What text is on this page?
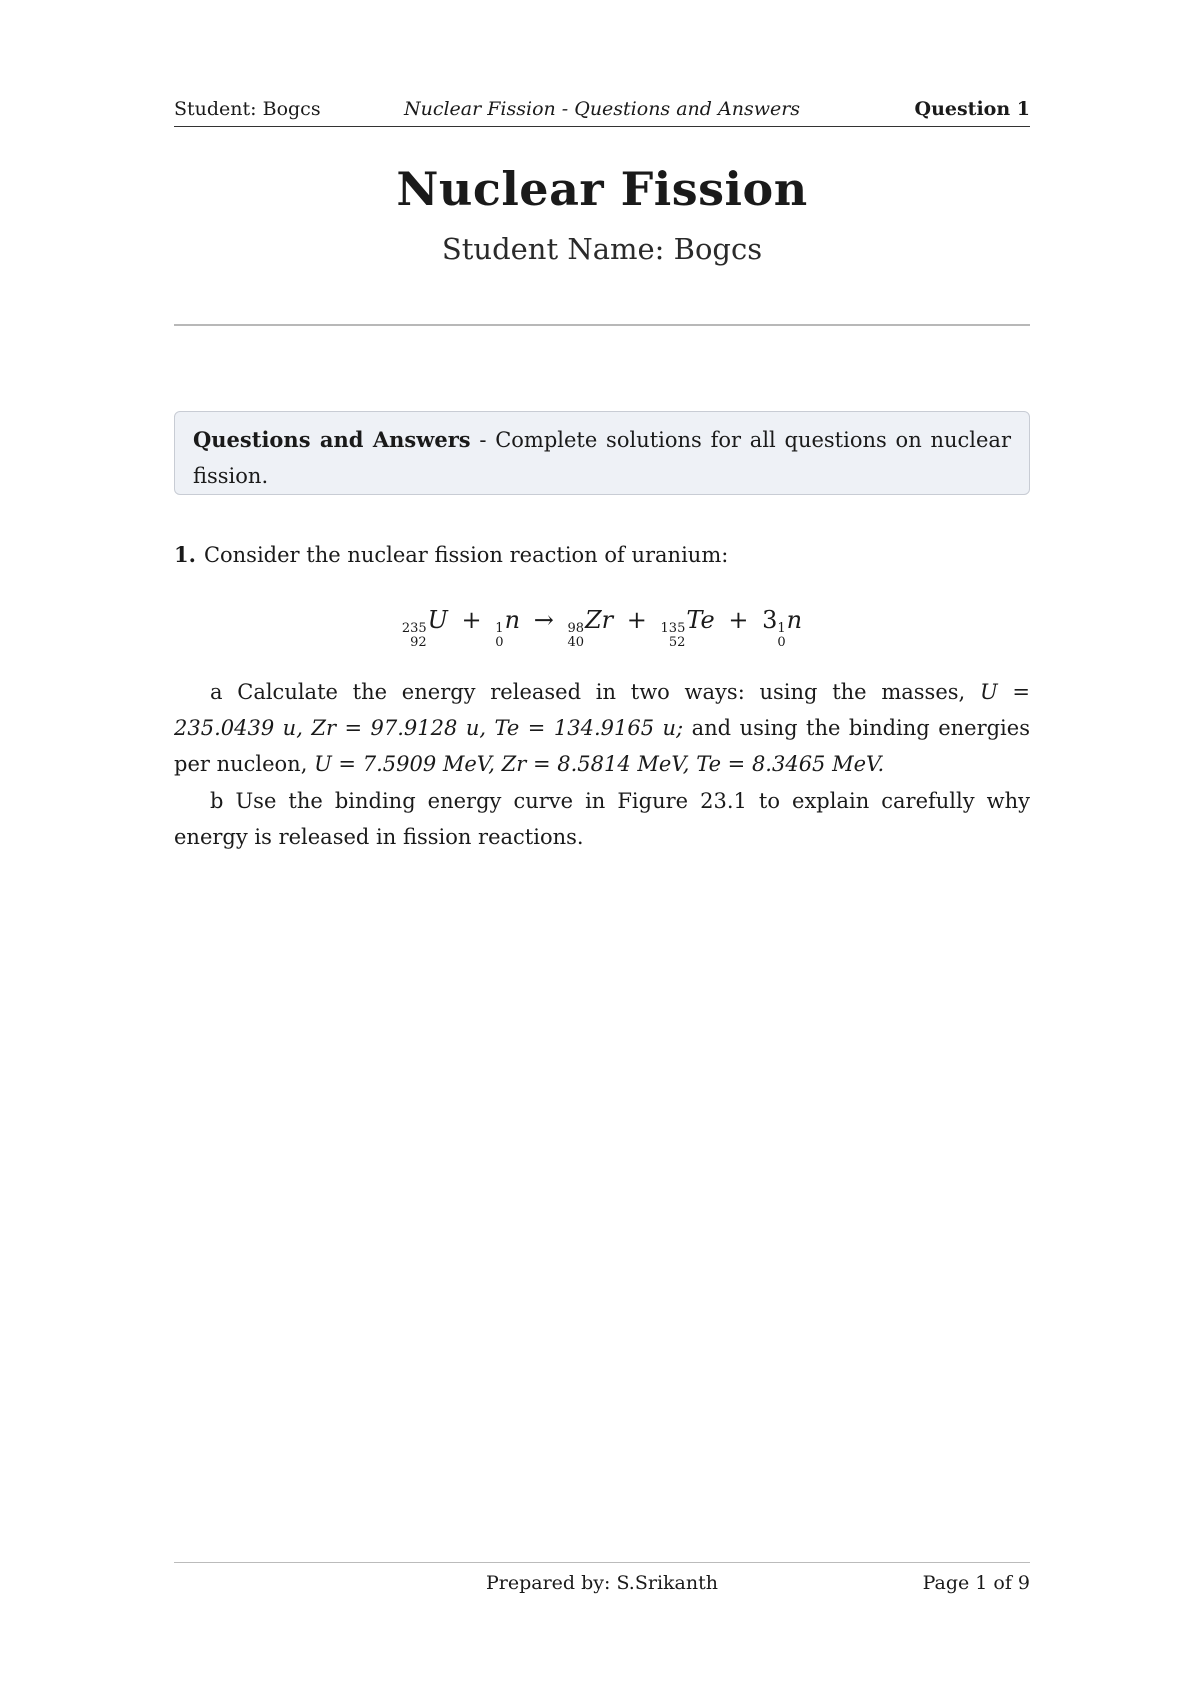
Student: Bogcs	Nuclear Fission - Questions and Answers	Question 1
Nuclear Fission
Student Name: Bogcs
Questions and Answers - Complete solutions for all questions on nuclear fission.
1. Consider the nuclear fission reaction of uranium:
235
92
U + 1
0
n → 98
40
Zr + 135
52
Te + 3 1
0
n
a Calculate the energy released in two ways: using the masses, U = 235.0439 u, Zr = 97.9128 u, Te = 134.9165 u; and using the binding energies per nucleon, U = 7.5909 MeV, Zr = 8.5814 MeV, Te = 8.3465 MeV.
b Use the binding energy curve in Figure 23.1 to explain carefully why energy is released in fission reactions.
Prepared by: S.Srikanth	Page 1 of 9
